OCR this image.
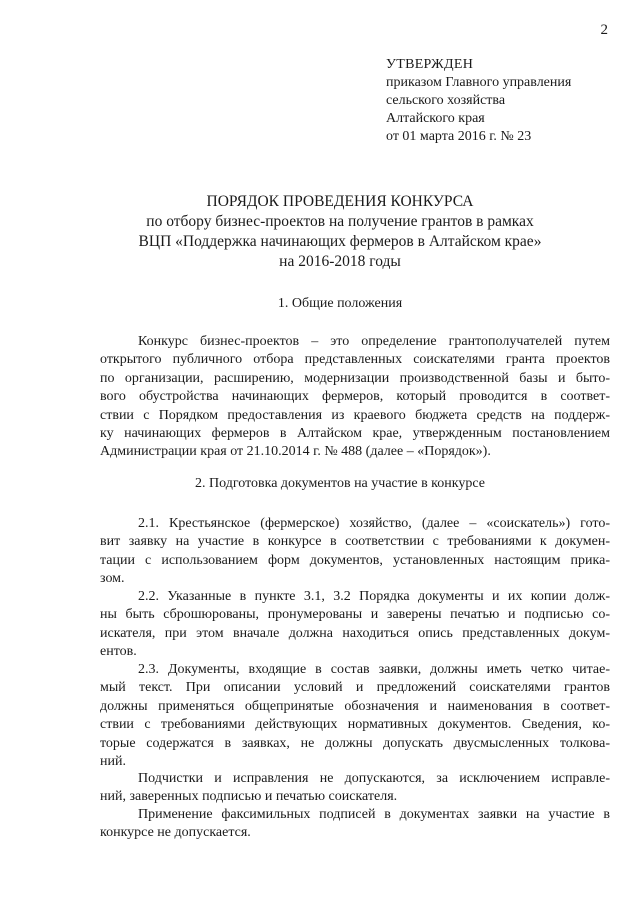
2
УТВЕРЖДЕН
приказом Главного управления
сельского хозяйства
Алтайского края
от 01 марта 2016 г. № 23
ПОРЯДОК ПРОВЕДЕНИЯ КОНКУРСА
по отбору бизнес-проектов на получение грантов в рамках
ВЦП «Поддержка начинающих фермеров в Алтайском крае»
на 2016-2018 годы
1. Общие положения
Конкурс бизнес-проектов – это определение грантополучателей путем
открытого публичного отбора представленных соискателями гранта проектов
по организации, расширению, модернизации производственной базы и быто-
вого обустройства начинающих фермеров, который проводится в соответ-
ствии с Порядком предоставления из краевого бюджета средств на поддерж-
ку начинающих фермеров в Алтайском крае, утвержденным постановлением
Администрации края от 21.10.2014 г. № 488 (далее – «Порядок»).
2. Подготовка документов на участие в конкурсе
2.1. Крестьянское (фермерское) хозяйство, (далее – «соискатель») гото-
вит заявку на участие в конкурсе в соответствии с требованиями к докумен-
тации с использованием форм документов, установленных настоящим прика-
зом.
2.2. Указанные в пункте 3.1, 3.2 Порядка документы и их копии долж-
ны быть сброшюрованы, пронумерованы и заверены печатью и подписью со-
искателя, при этом вначале должна находиться опись представленных докум-
ентов.
2.3. Документы, входящие в состав заявки, должны иметь четко читае-
мый текст. При описании условий и предложений соискателями грантов
должны применяться общепринятые обозначения и наименования в соответ-
ствии с требованиями действующих нормативных документов. Сведения, ко-
торые содержатся в заявках, не должны допускать двусмысленных толкова-
ний.
Подчистки и исправления не допускаются, за исключением исправле-
ний, заверенных подписью и печатью соискателя.
Применение факсимильных подписей в документах заявки на участие в
конкурсе не допускается.
